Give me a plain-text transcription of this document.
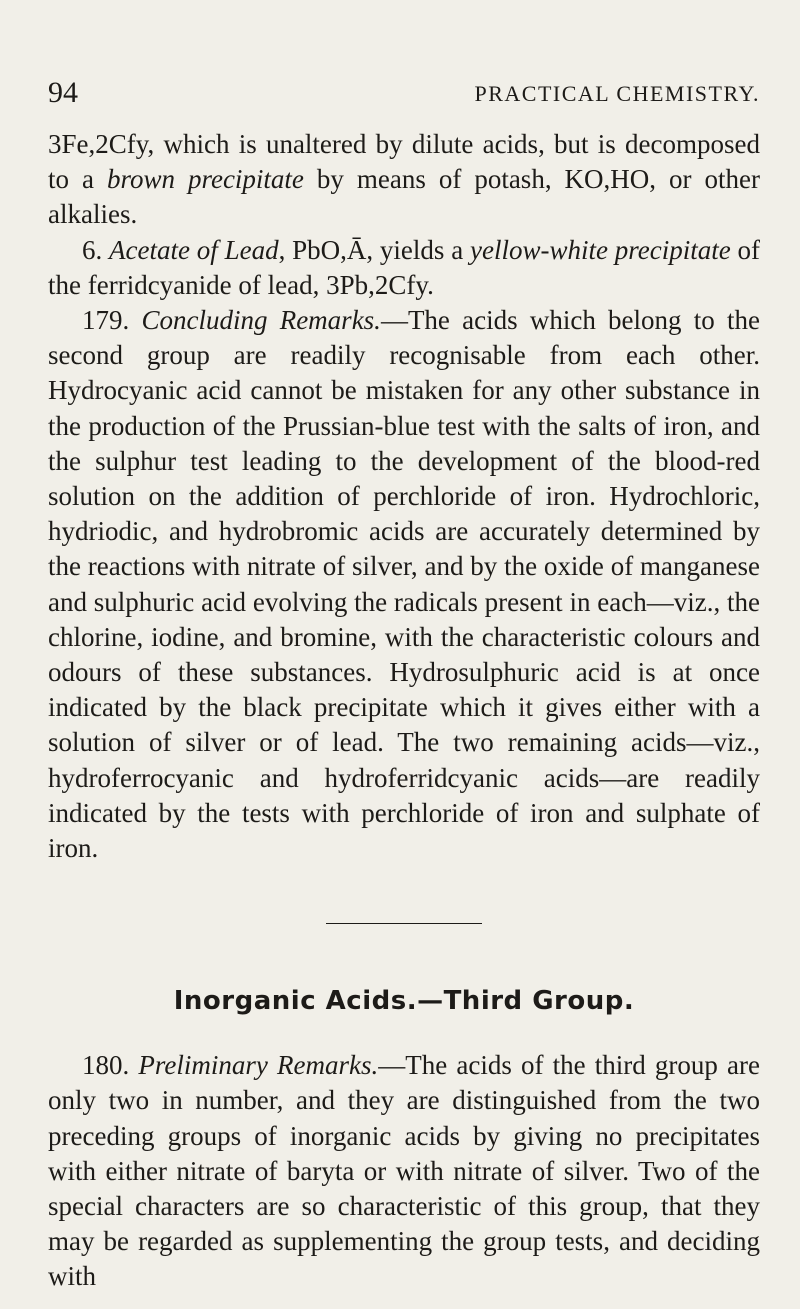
94	PRACTICAL CHEMISTRY.

3Fe,2Cfy, which is unaltered by dilute acids, but is decomposed to a brown precipitate by means of potash, KO,HO, or other alkalies.

6. Acetate of Lead, PbO,Ā, yields a yellow-white precipitate of the ferridcyanide of lead, 3Pb,2Cfy.

179. Concluding Remarks.—The acids which belong to the second group are readily recognisable from each other. Hydrocyanic acid cannot be mistaken for any other substance in the production of the Prussian-blue test with the salts of iron, and the sulphur test leading to the development of the blood-red solution on the addition of perchloride of iron. Hydrochloric, hydriodic, and hydrobromic acids are accurately determined by the reactions with nitrate of silver, and by the oxide of manganese and sulphuric acid evolving the radicals present in each—viz., the chlorine, iodine, and bromine, with the characteristic colours and odours of these substances. Hydrosulphuric acid is at once indicated by the black precipitate which it gives either with a solution of silver or of lead. The two remaining acids—viz., hydroferrocyanic and hydroferridcyanic acids—are readily indicated by the tests with perchloride of iron and sulphate of iron.

Inorganic Acids.—Third Group.

180. Preliminary Remarks.—The acids of the third group are only two in number, and they are distinguished from the two preceding groups of inorganic acids by giving no precipitates with either nitrate of baryta or with nitrate of silver. Two of the special characters are so characteristic of this group, that they may be regarded as supplementing the group tests, and deciding with
